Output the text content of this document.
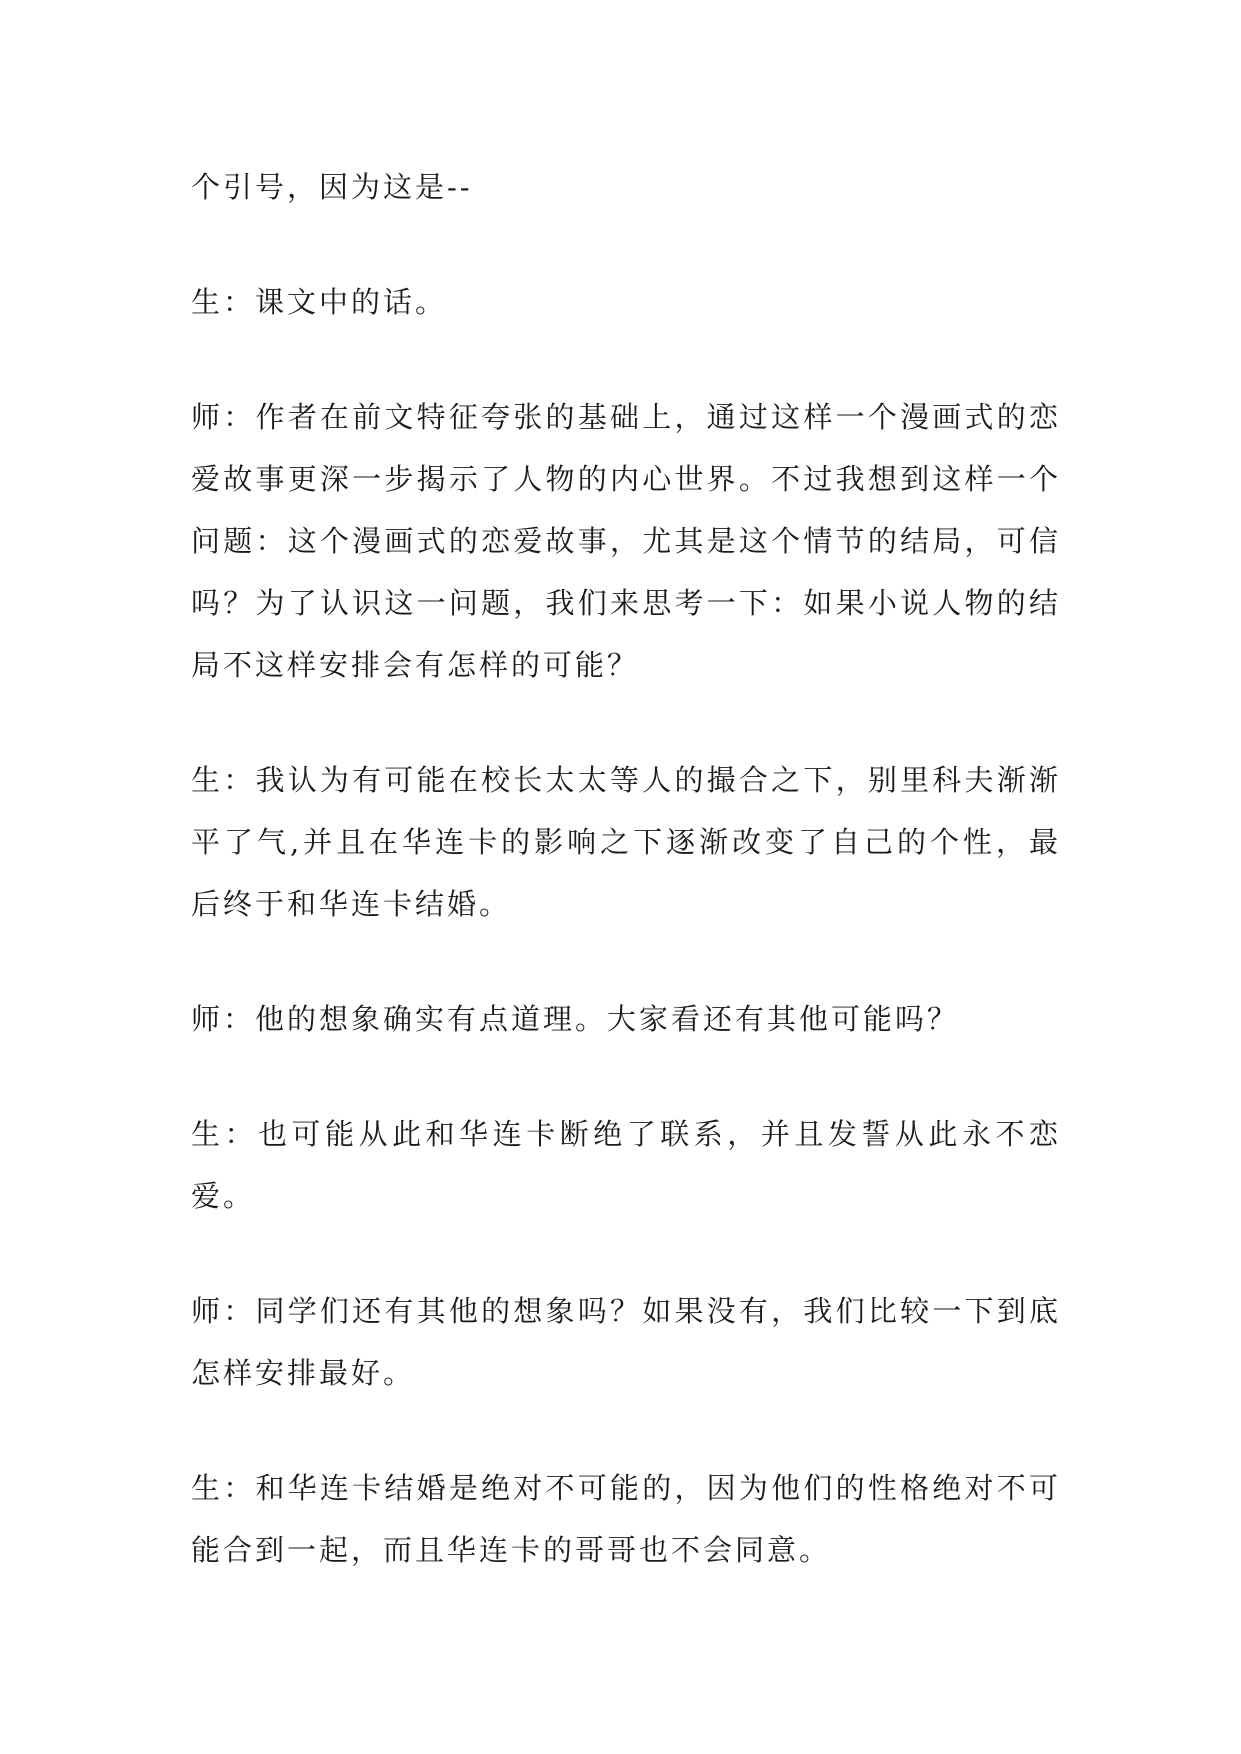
个引号，因为这是--

生：课文中的话。

师：作者在前文特征夸张的基础上，通过这样一个漫画式的恋爱故事更深一步揭示了人物的内心世界。不过我想到这样一个问题：这个漫画式的恋爱故事，尤其是这个情节的结局，可信吗？为了认识这一问题，我们来思考一下：如果小说人物的结局不这样安排会有怎样的可能？

生：我认为有可能在校长太太等人的撮合之下，别里科夫渐渐平了气,并且在华连卡的影响之下逐渐改变了自己的个性，最后终于和华连卡结婚。

师：他的想象确实有点道理。大家看还有其他可能吗？

生：也可能从此和华连卡断绝了联系，并且发誓从此永不恋爱。

师：同学们还有其他的想象吗？如果没有，我们比较一下到底怎样安排最好。

生：和华连卡结婚是绝对不可能的，因为他们的性格绝对不可能合到一起，而且华连卡的哥哥也不会同意。
